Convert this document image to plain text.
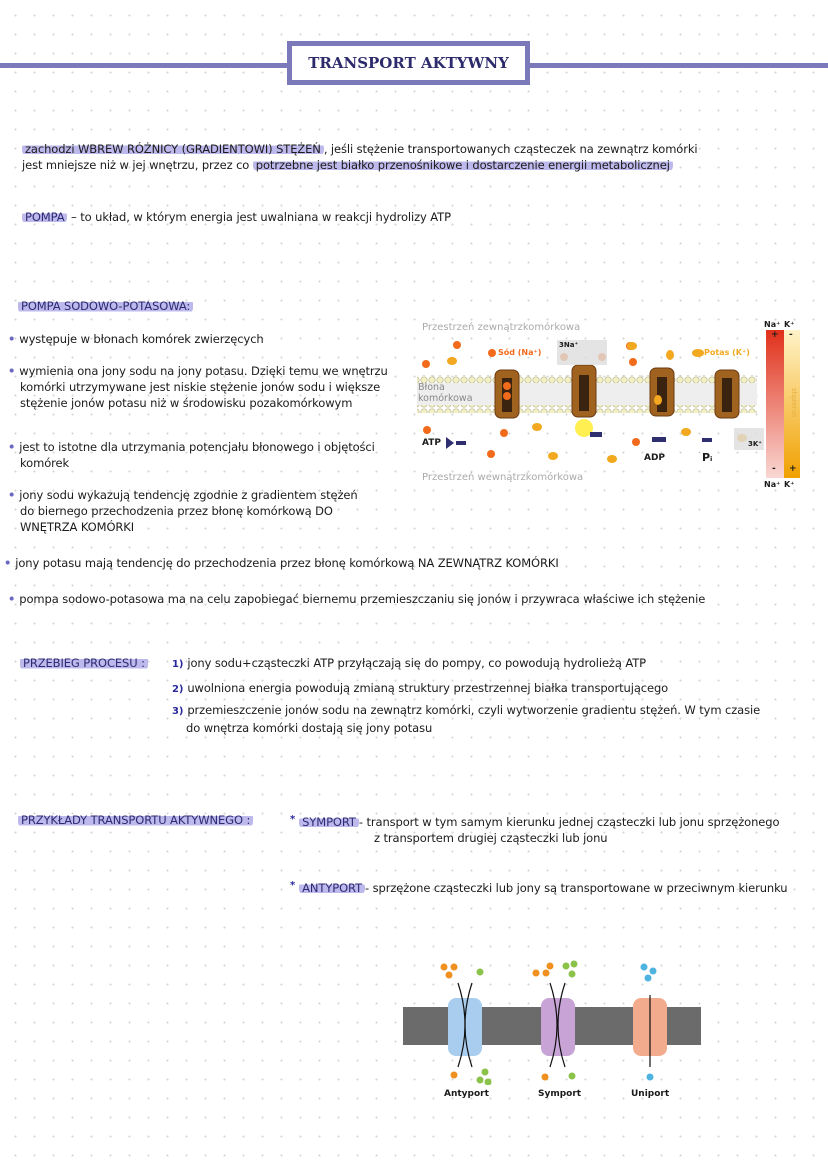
TRANSPORT AKTYWNY
zachodzi WBREW RÓŻNICY (GRADIENTOWI) STĘŻEŃ , jeśli stężenie transportowanych cząsteczek na zewnątrz komórki
jest mniejsze niż w jej wnętrzu, przez co potrzebne jest białko przenośnikowe i dostarczenie energii metabolicznej
POMPA – to układ, w którym energia jest uwalniana w reakcji hydrolizy ATP
POMPA SODOWO-POTASOWA:
• występuje w błonach komórek zwierzęcych
• wymienia ona jony sodu na jony potasu. Dzięki temu we wnętrzu komórki utrzymywane jest niskie stężenie jonów sodu i większe stężenie jonów potasu niż w środowisku pozakomórkowym
• jest to istotne dla utrzymania potencjału błonowego i objętości komórek
• jony sodu wykazują tendencję zgodnie z gradientem stężeń do biernego przechodzenia przez błonę komórkową DO WNĘTRZA KOMÓRKI
• jony potasu mają tendencję do przechodzenia przez błonę komórkową NA ZEWNĄTRZ KOMÓRKI
• pompa sodowo-potasowa ma na celu zapobiegać biernemu przemieszczaniu się jonów i przywraca właściwe ich stężenie
Przestrzeń zewnątrzkomórkowa
Przestrzeń wewnątrzkomórkowa
Błona komórkowa
Sód (Na⁺)	Potas (K⁺)
3Na⁺
3K⁺
ATP
ADP	Pᵢ
Na⁺ K⁺
Na⁺ K⁺
+ -
- +
stężenie
PRZEBIEG PROCESU :	1) jony sodu+cząsteczki ATP przyłączają się do pompy, co powodują hydrolieżą ATP
2) uwolniona energia powodują zmianą struktury przestrzennej białka transportującego
3) przemieszczenie jonów sodu na zewnątrz komórki, czyli wytworzenie gradientu stężeń. W tym czasie do wnętrza komórki dostają się jony potasu
PRZYKŁADY TRANSPORTU AKTYWNEGO :	* SYMPORT - transport w tym samym kierunku jednej cząsteczki lub jonu sprzężonego z transportem drugiej cząsteczki lub jonu
* ANTYPORT - sprzężone cząsteczki lub jony są transportowane w przeciwnym kierunku
Antyport	Symport	Uniport
